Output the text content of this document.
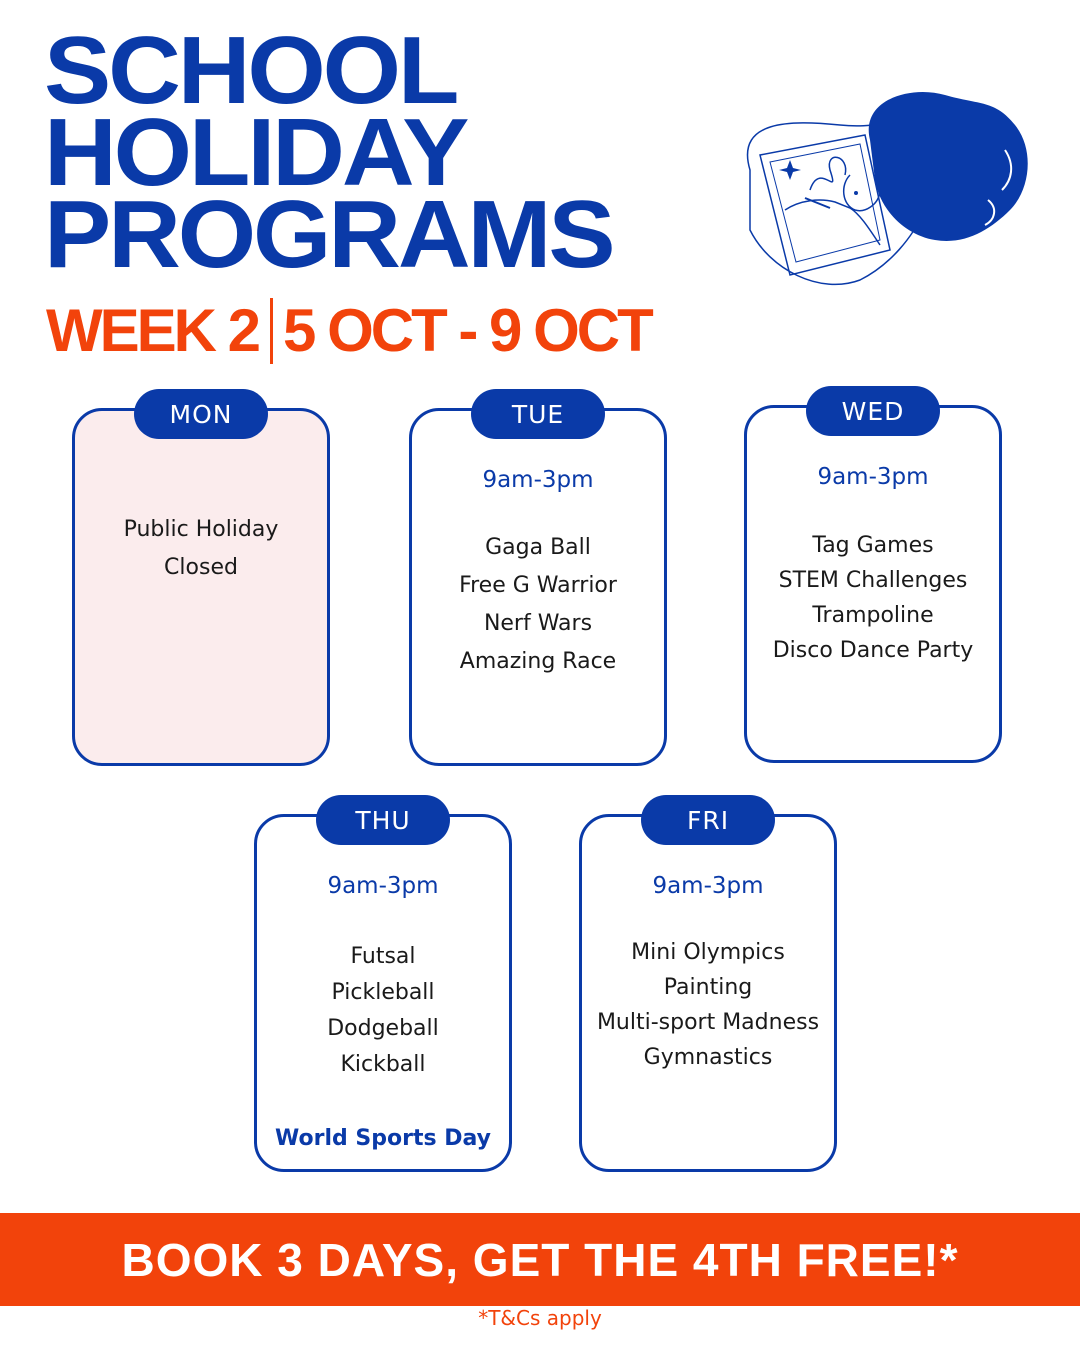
SCHOOL
HOLIDAY
PROGRAMS
WEEK 2 5 OCT - 9 OCT
MON
Public Holiday
Closed
TUE
9am-3pm
Gaga Ball
Free G Warrior
Nerf Wars
Amazing Race
WED
9am-3pm
Tag Games
STEM Challenges
Trampoline
Disco Dance Party
THU
9am-3pm
Futsal
Pickleball
Dodgeball
Kickball
World Sports Day
FRI
9am-3pm
Mini Olympics
Painting
Multi-sport Madness
Gymnastics
BOOK 3 DAYS, GET THE 4TH FREE!*
*T&Cs apply
